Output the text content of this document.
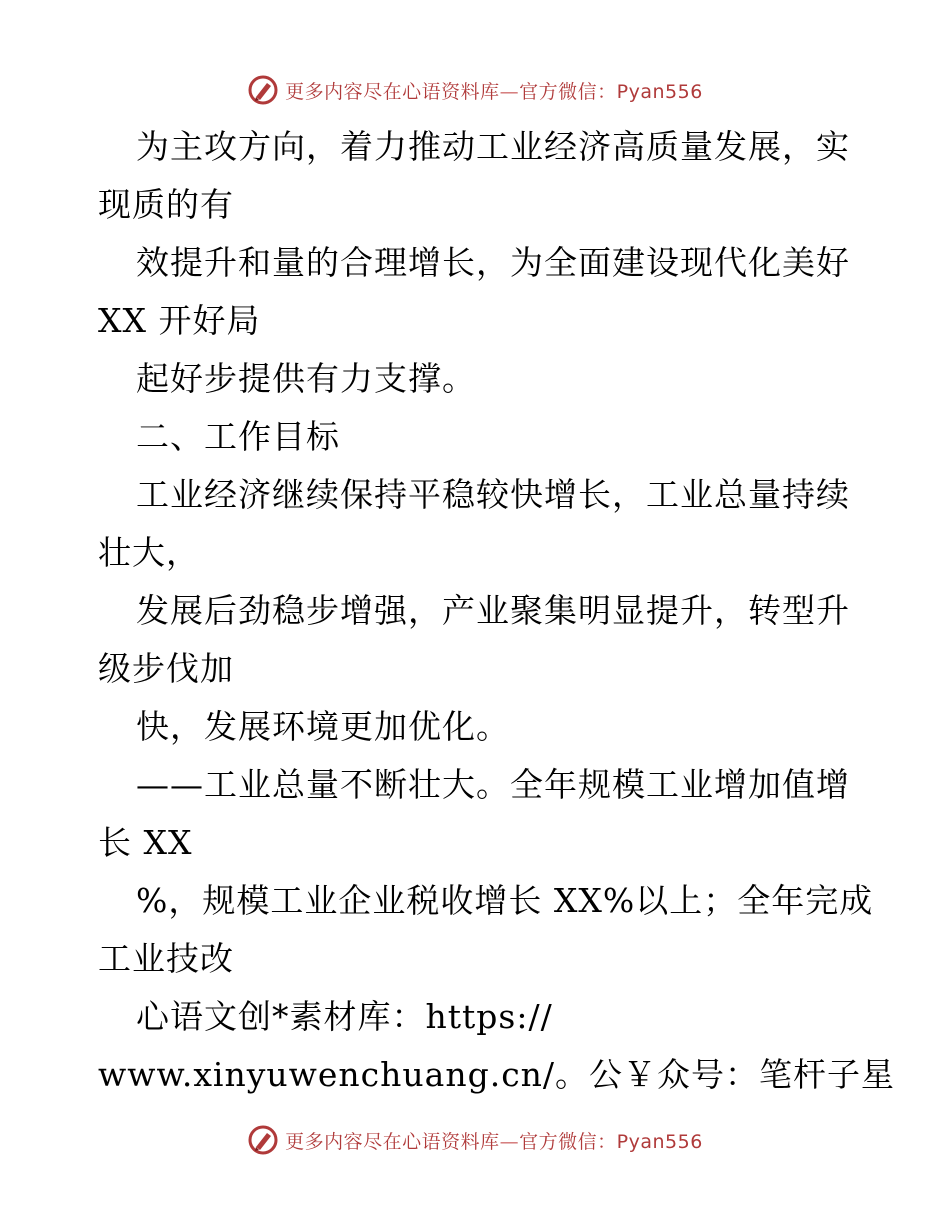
更多内容尽在心语资料库—官方微信：Pyan556
为主攻方向，着力推动工业经济高质量发展，实
现质的有
效提升和量的合理增长，为全面建设现代化美好
XX 开好局
起好步提供有力支撑。
二、工作目标
工业经济继续保持平稳较快增长，工业总量持续
壮大，
发展后劲稳步增强，产业聚集明显提升，转型升
级步伐加
快，发展环境更加优化。
——工业总量不断壮大。全年规模工业增加值增
长 XX
%，规模工业企业税收增长 XX%以上；全年完成
工业技改
心语文创*素材库：https://
www.xinyuwenchuang.cn/。公￥众号：笔杆子星
更多内容尽在心语资料库—官方微信：Pyan556
